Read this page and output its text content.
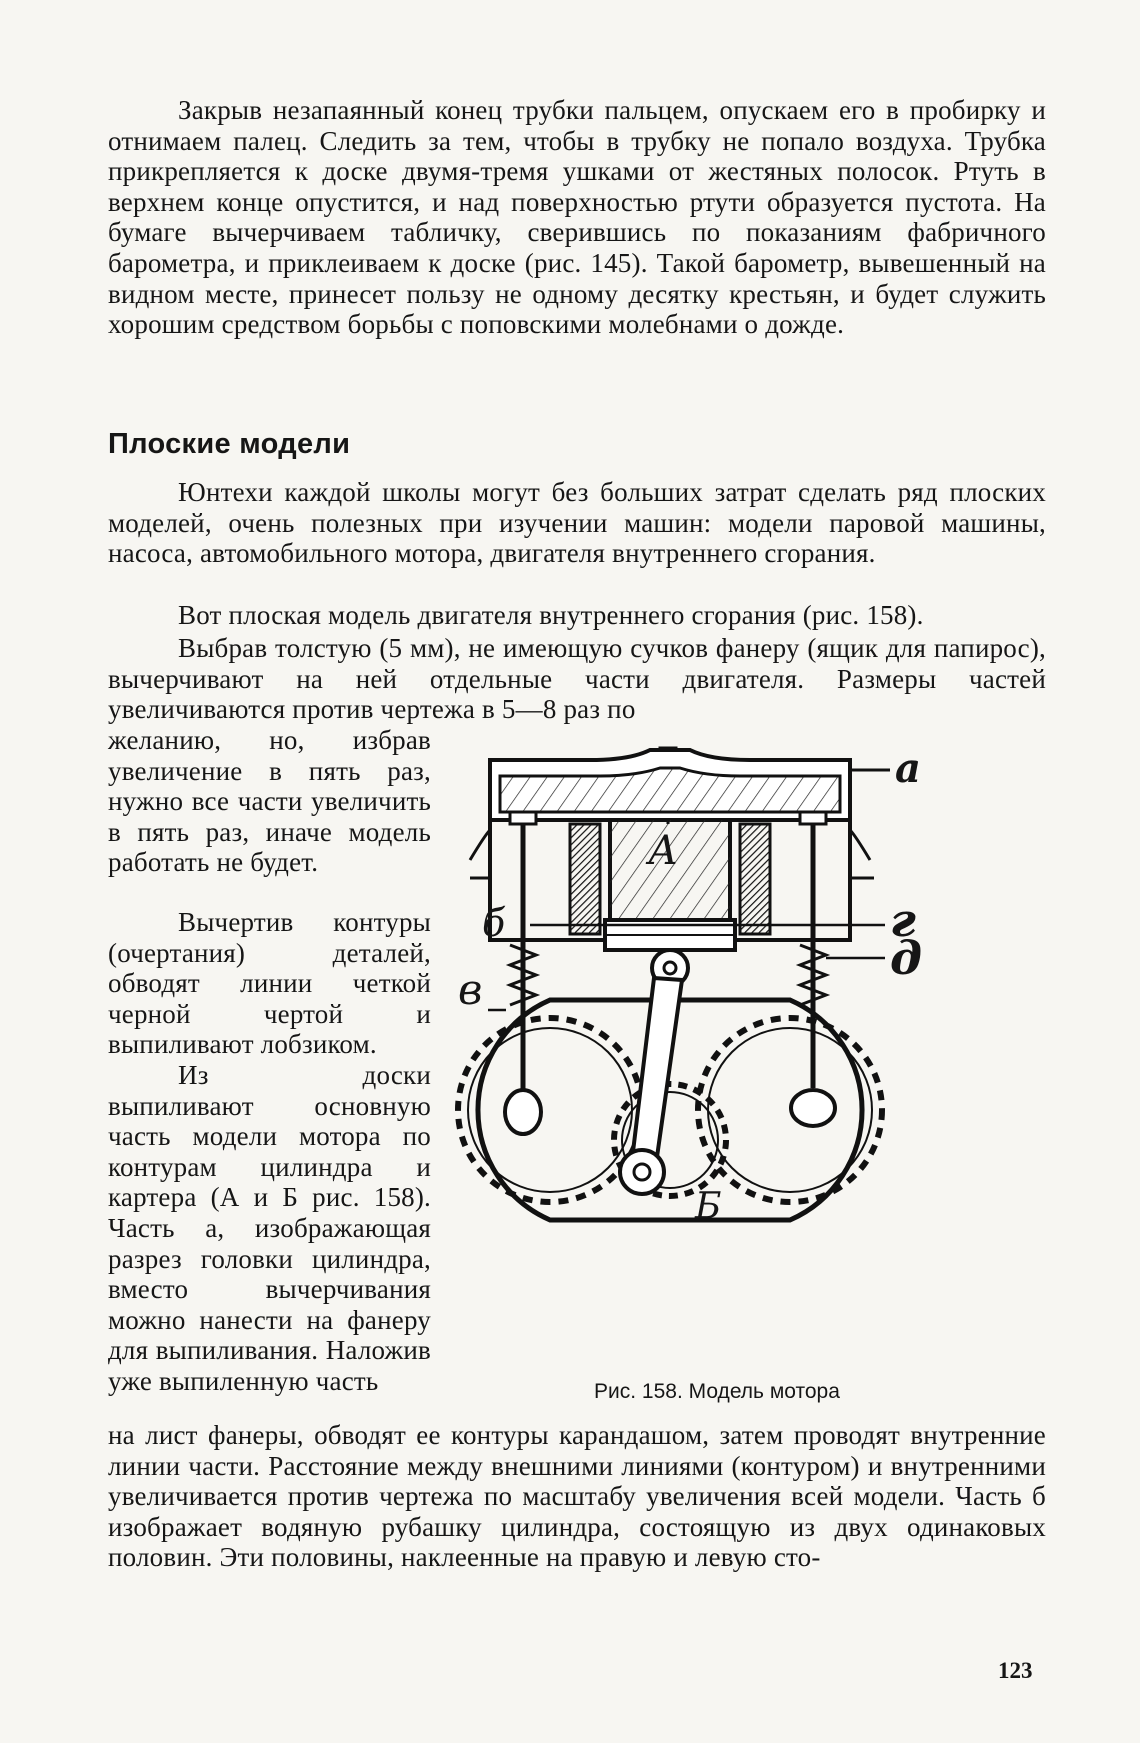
Закрыв незапаянный конец трубки пальцем, опускаем его в пробирку и отнимаем палец. Следить за тем, чтобы в трубку не попало воздуха. Трубка прикрепляется к доске двумя-тремя ушками от жестяных полосок. Ртуть в верхнем конце опустится, и над поверхностью ртути образуется пустота. На бумаге вычерчиваем табличку, сверившись по показаниям фабричного барометра, и приклеиваем к доске (рис. 145). Такой барометр, вывешенный на видном месте, принесет пользу не одному десятку крестьян, и будет служить хорошим средством борьбы с поповскими молебнами о дожде.

Плоские модели

Юнтехи каждой школы могут без больших затрат сделать ряд плоских моделей, очень полезных при изучении машин: модели паровой машины, насоса, автомобильного мотора, двигателя внутреннего сгорания.

Вот плоская модель двигателя внутреннего сгорания (рис. 158).

Выбрав толстую (5 мм), не имеющую сучков фанеру (ящик для папирос), вычерчивают на ней отдельные части двигателя. Размеры частей увеличиваются против чертежа в 5—8 раз по

желанию, но, избрав увеличение в пять раз, нужно все части увеличить в пять раз, иначе модель работать не будет.

Вычертив контуры (очертания) деталей, обводят линии четкой черной чертой и выпиливают лобзиком.

Из доски выпиливают основную часть модели мотора по контурам цилиндра и картера (А и Б рис. 158). Часть а, изображающая разрез головки цилиндра, вместо вычерчивания можно нанести на фанеру для выпиливания. Наложив уже выпиленную часть

на лист фанеры, обводят ее контуры карандашом, затем проводят внутренние линии части. Расстояние между внешними линиями (контуром) и внутренними увеличивается против чертежа по масштабу увеличения всей модели. Часть б изображает водяную рубашку цилиндра, состоящую из двух одинаковых половин. Эти половины, наклеенные на правую и левую сто-

а
А
б
в
г
д
Б

Рис. 158. Модель мотора

123
